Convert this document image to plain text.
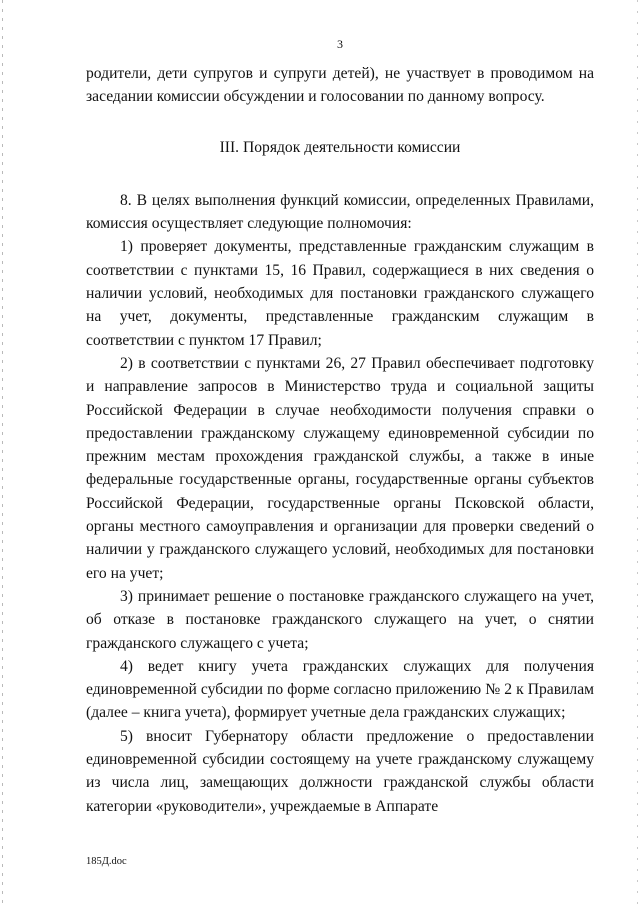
3

родители, дети супругов и супруги детей), не участвует в проводимом на заседании комиссии обсуждении и голосовании по данному вопросу.

III. Порядок деятельности комиссии

8. В целях выполнения функций комиссии, определенных Правилами, комиссия осуществляет следующие полномочия:

1) проверяет документы, представленные гражданским служащим в соответствии с пунктами 15, 16 Правил, содержащиеся в них сведения о наличии условий, необходимых для постановки гражданского служащего на учет, документы, представленные гражданским служащим в соответствии с пунктом 17 Правил;

2) в соответствии с пунктами 26, 27 Правил обеспечивает подготовку и направление запросов в Министерство труда и социальной защиты Российской Федерации в случае необходимости получения справки о предоставлении гражданскому служащему единовременной субсидии по прежним местам прохождения гражданской службы, а также в иные федеральные государственные органы, государственные органы субъектов Российской Федерации, государственные органы Псковской области, органы местного самоуправления и организации для проверки сведений о наличии у гражданского служащего условий, необходимых для постановки его на учет;

3) принимает решение о постановке гражданского служащего на учет, об отказе в постановке гражданского служащего на учет, о снятии гражданского служащего с учета;

4) ведет книгу учета гражданских служащих для получения единовременной субсидии по форме согласно приложению № 2 к Правилам (далее – книга учета), формирует учетные дела гражданских служащих;

5) вносит Губернатору области предложение о предоставлении единовременной субсидии состоящему на учете гражданскому служащему из числа лиц, замещающих должности гражданской службы области категории «руководители», учреждаемые в Аппарате

185Д.doc
